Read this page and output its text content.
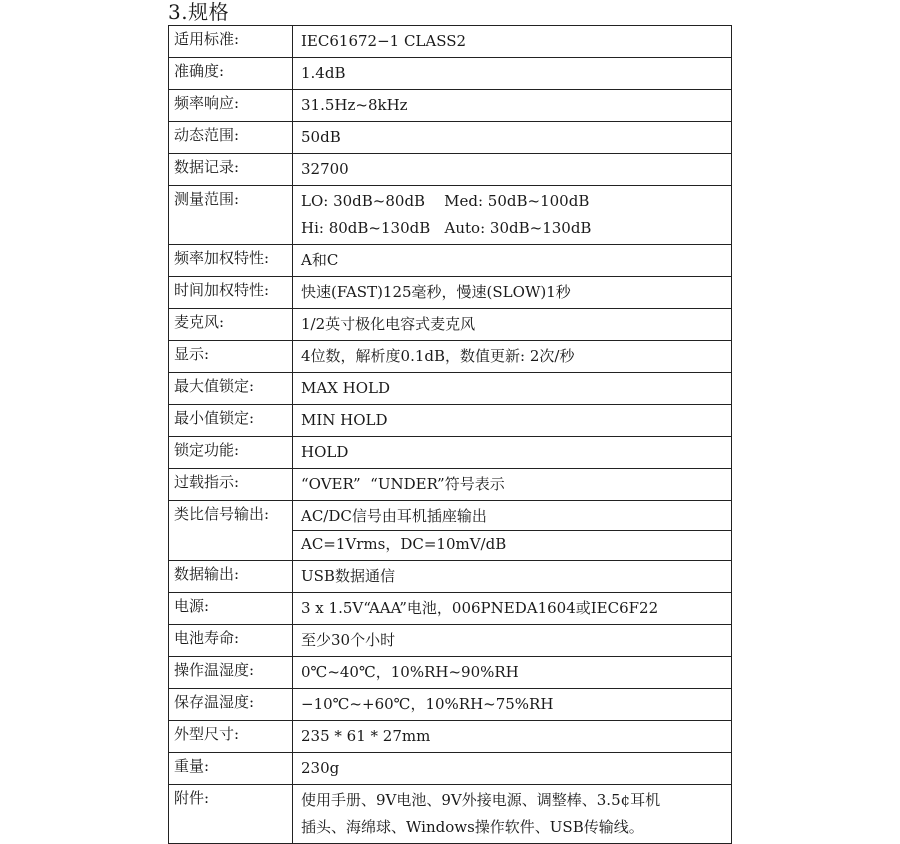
3.规格
适用标准:	IEC61672−1 CLASS2

准确度:	1.4dB

频率响应:	31.5Hz~8kHz

动态范围:	50dB

数据记录:	32700

测量范围:	LO: 30dB~80dB    Med: 50dB~100dB
Hi: 80dB~130dB   Auto: 30dB~130dB

频率加权特性:	A和C

时间加权特性:	快速(FAST)125毫秒，慢速(SLOW)1秒

麦克风:	1/2英寸极化电容式麦克风

显示:	4位数，解析度0.1dB，数值更新: 2次/秒

最大值锁定:	MAX HOLD

最小值锁定:	MIN HOLD

锁定功能:	HOLD

过载指示:	“OVER”  “UNDER”符号表示

类比信号输出:	AC/DC信号由耳机插座输出
AC=1Vrms，DC=10mV/dB

数据输出:	USB数据通信

电源:	3 x 1.5V“AAA”电池，006PNEDA1604或IEC6F22

电池寿命:	至少30个小时

操作温湿度:	0℃~40℃，10%RH~90%RH

保存温湿度:	−10℃~+60℃，10%RH~75%RH

外型尺寸:	235 * 61 * 27mm

重量:	230g

附件:	使用手册、9V电池、9V外接电源、调整棒、3.5¢耳机
插头、海绵球、Windows操作软件、USB传输线。
